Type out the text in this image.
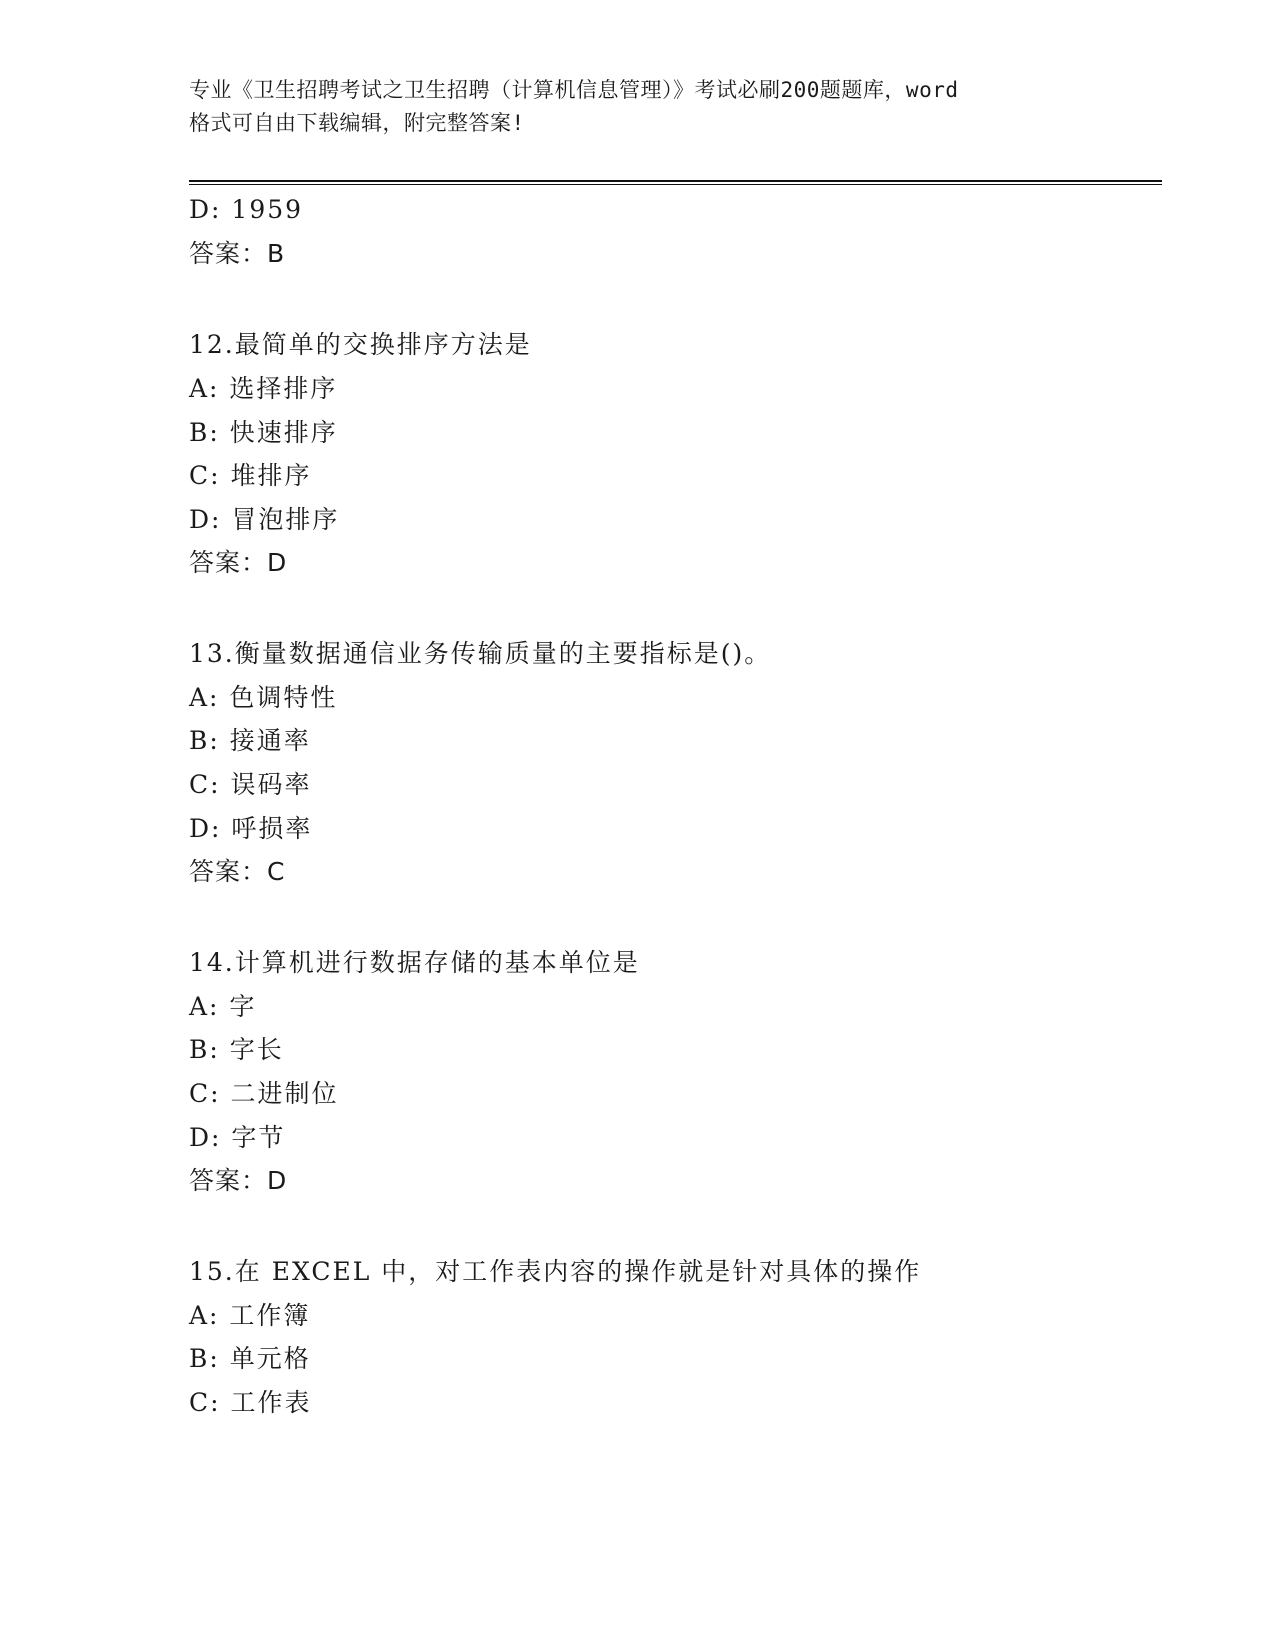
专业《卫生招聘考试之卫生招聘（计算机信息管理）》考试必刷200题题库，word
格式可自由下载编辑，附完整答案!
D: 1959
答案：B
12.最简单的交换排序方法是
A: 选择排序
B: 快速排序
C: 堆排序
D: 冒泡排序
答案：D
13.衡量数据通信业务传输质量的主要指标是()。
A: 色调特性
B: 接通率
C: 误码率
D: 呼损率
答案：C
14.计算机进行数据存储的基本单位是
A: 字
B: 字长
C: 二进制位
D: 字节
答案：D
15.在 EXCEL 中，对工作表内容的操作就是针对具体的操作
A: 工作簿
B: 单元格
C: 工作表
